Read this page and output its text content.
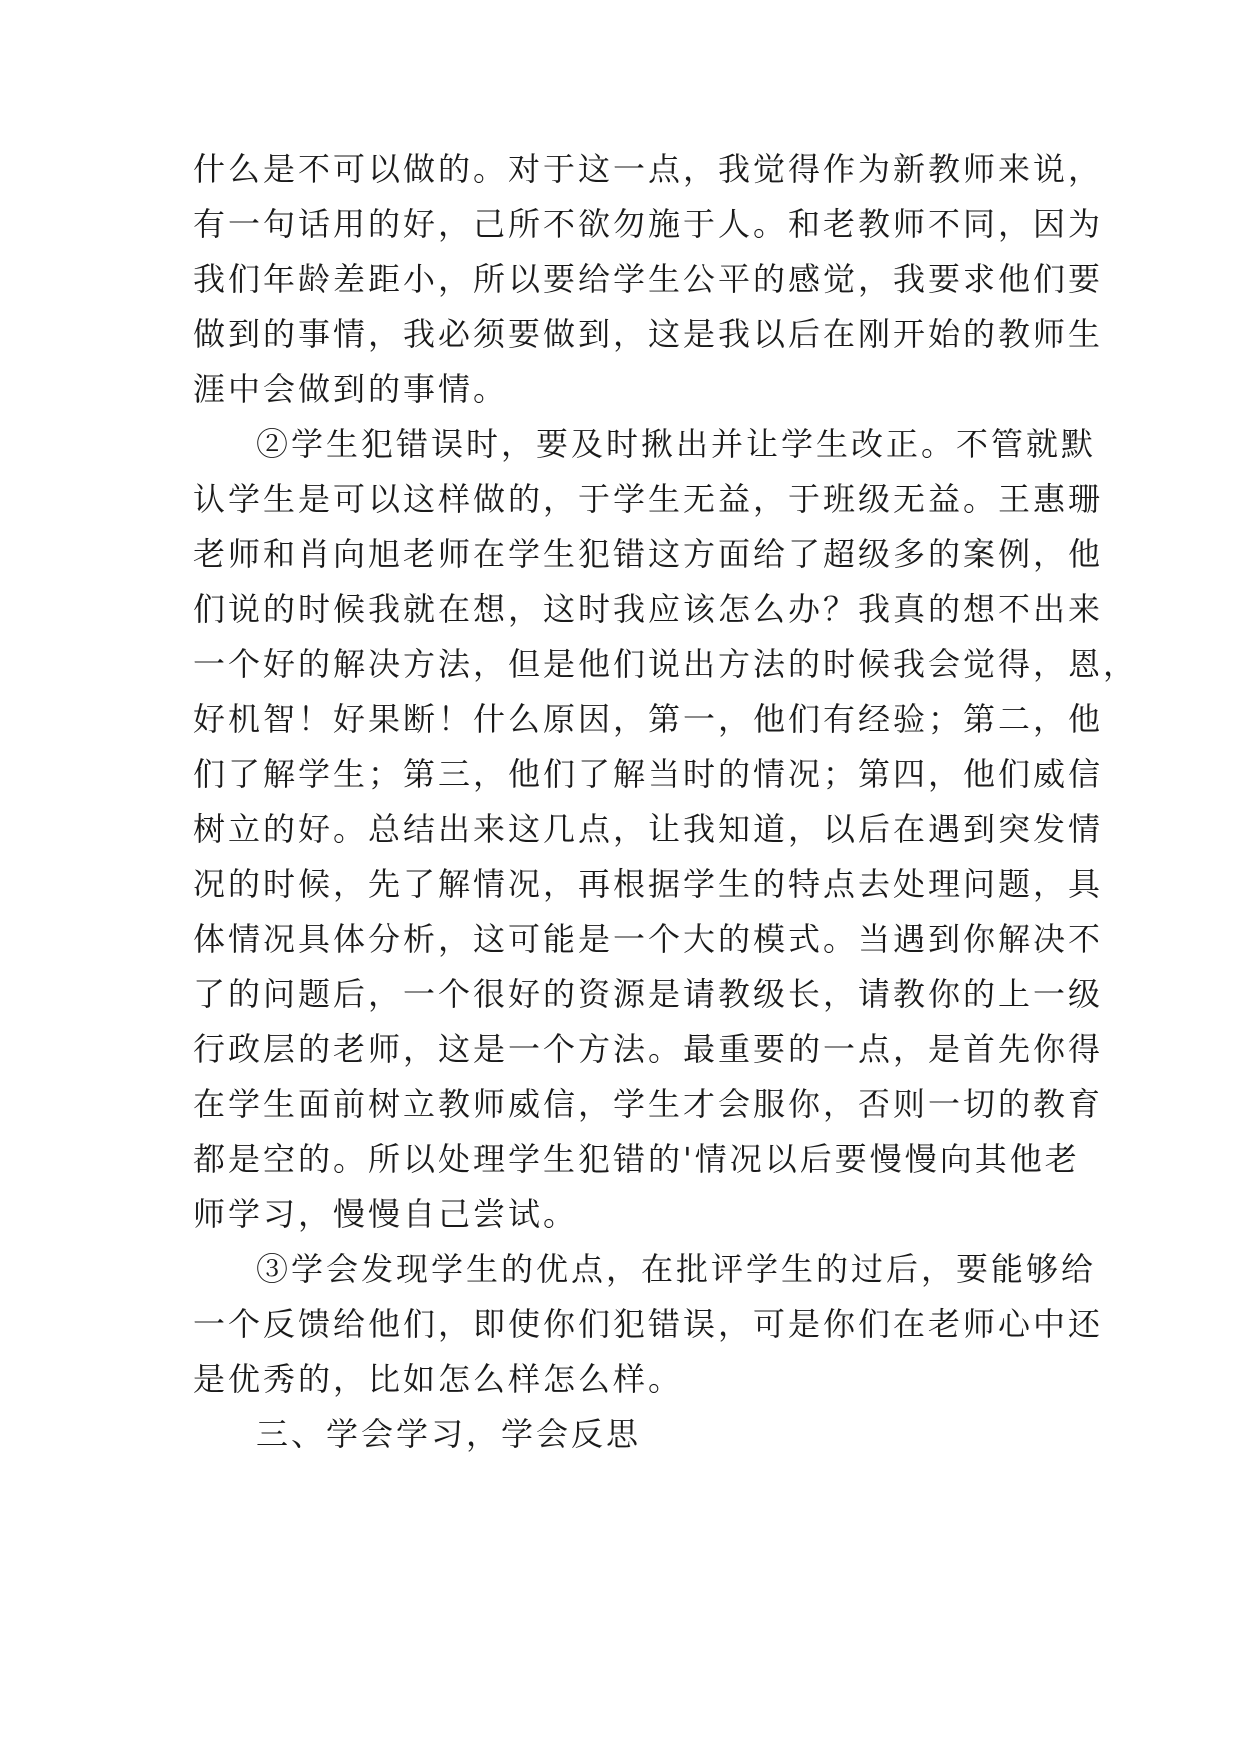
什么是不可以做的。对于这一点，我觉得作为新教师来说，
有一句话用的好，己所不欲勿施于人。和老教师不同，因为
我们年龄差距小，所以要给学生公平的感觉，我要求他们要
做到的事情，我必须要做到，这是我以后在刚开始的教师生
涯中会做到的事情。
②学生犯错误时，要及时揪出并让学生改正。不管就默
认学生是可以这样做的，于学生无益，于班级无益。王惠珊
老师和肖向旭老师在学生犯错这方面给了超级多的案例，他
们说的时候我就在想，这时我应该怎么办？我真的想不出来
一个好的解决方法，但是他们说出方法的时候我会觉得，恩，
好机智！好果断！什么原因，第一，他们有经验；第二，他
们了解学生；第三，他们了解当时的情况；第四，他们威信
树立的好。总结出来这几点，让我知道，以后在遇到突发情
况的时候，先了解情况，再根据学生的特点去处理问题，具
体情况具体分析，这可能是一个大的模式。当遇到你解决不
了的问题后，一个很好的资源是请教级长，请教你的上一级
行政层的老师，这是一个方法。最重要的一点，是首先你得
在学生面前树立教师威信，学生才会服你，否则一切的教育
都是空的。所以处理学生犯错的'情况以后要慢慢向其他老
师学习，慢慢自己尝试。
③学会发现学生的优点，在批评学生的过后，要能够给
一个反馈给他们，即使你们犯错误，可是你们在老师心中还
是优秀的，比如怎么样怎么样。
三、学会学习，学会反思
